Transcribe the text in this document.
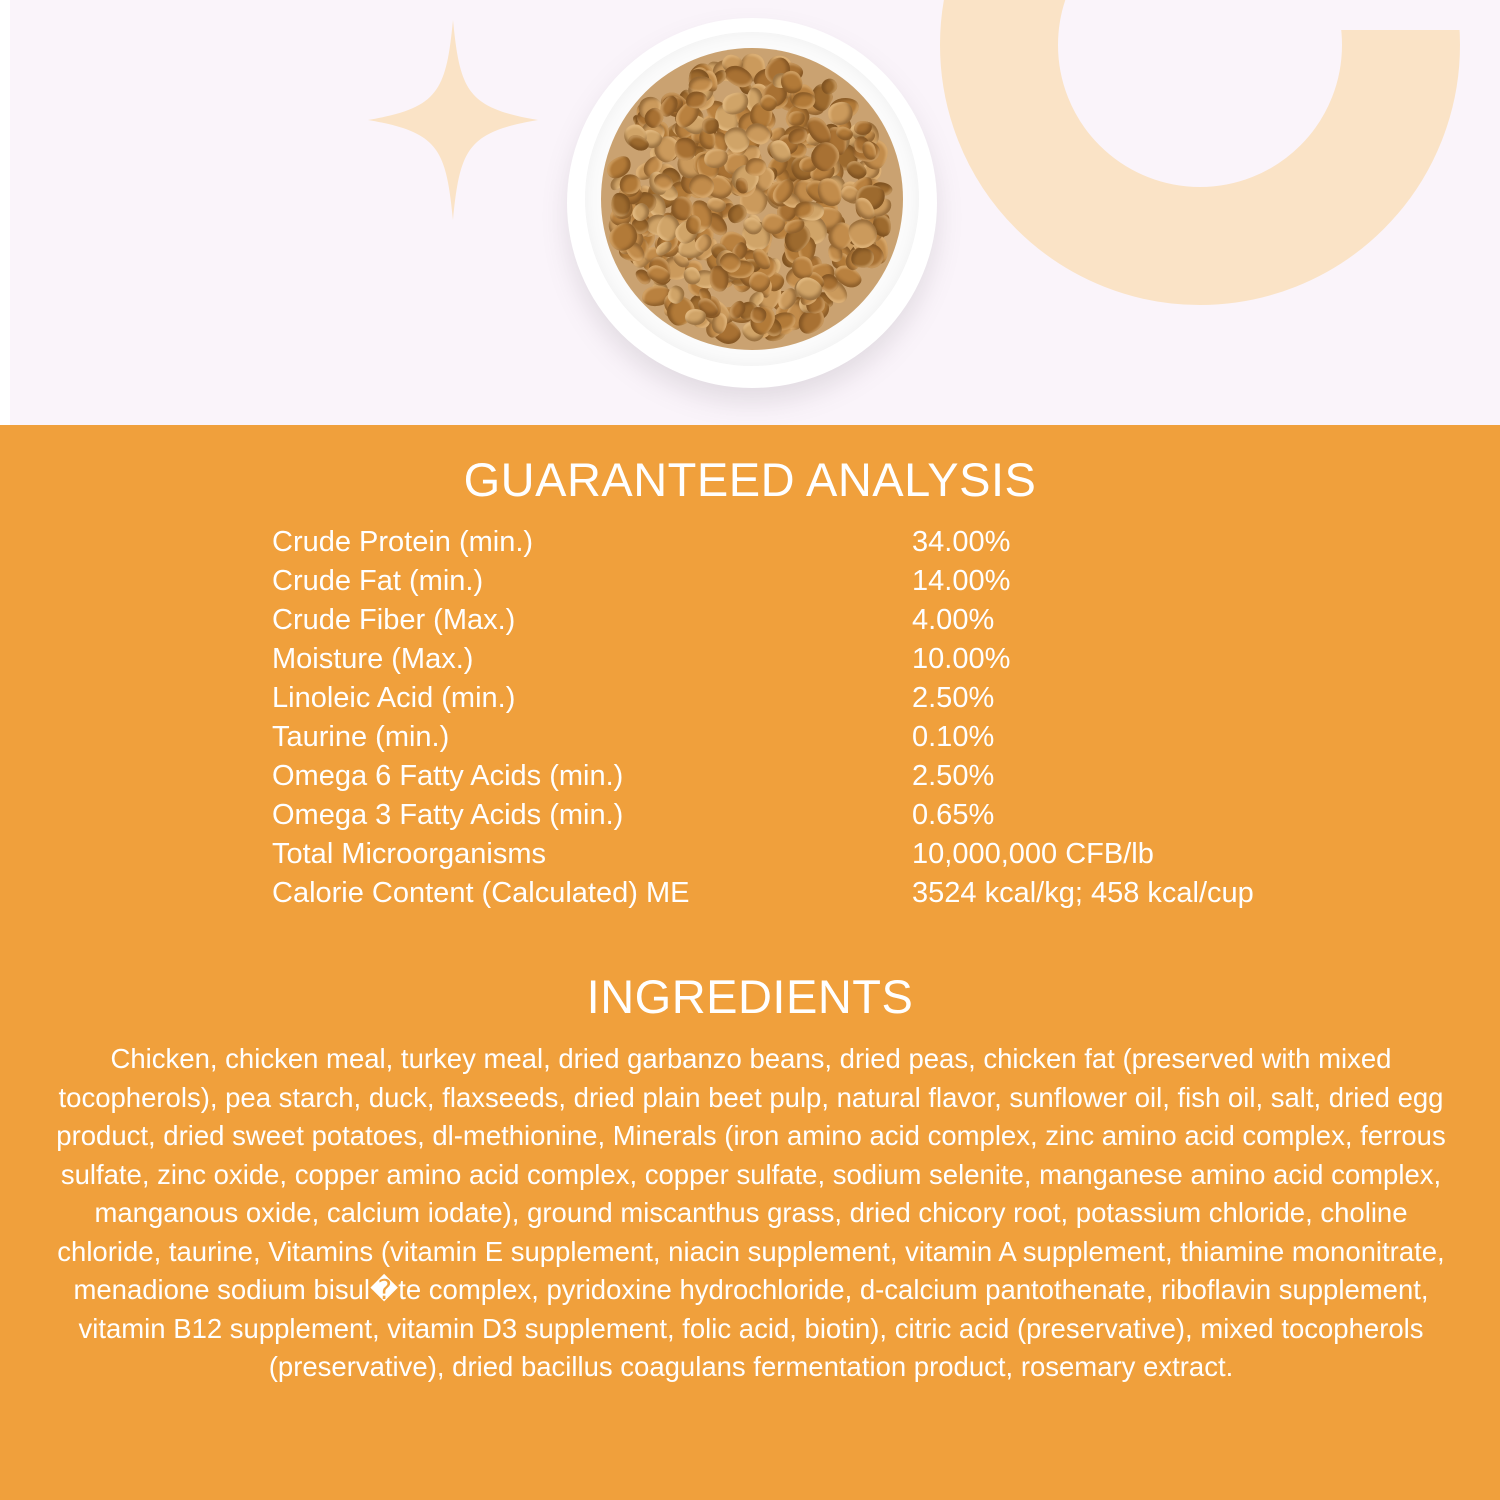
GUARANTEED ANALYSIS
Crude Protein (min.)	34.00%
Crude Fat (min.)	14.00%
Crude Fiber (Max.)	4.00%
Moisture (Max.)	10.00%
Linoleic Acid (min.)	2.50%
Taurine (min.)	0.10%
Omega 6 Fatty Acids (min.)	2.50%
Omega 3 Fatty Acids (min.)	0.65%
Total Microorganisms	10,000,000 CFB/lb
Calorie Content (Calculated) ME	3524 kcal/kg; 458 kcal/cup
INGREDIENTS
Chicken, chicken meal, turkey meal, dried garbanzo beans, dried peas, chicken fat (preserved with mixed tocopherols), pea starch, duck, flaxseeds, dried plain beet pulp, natural flavor, sunflower oil, fish oil, salt, dried egg product, dried sweet potatoes, dl-methionine, Minerals (iron amino acid complex, zinc amino acid complex, ferrous sulfate, zinc oxide, copper amino acid complex, copper sulfate, sodium selenite, manganese amino acid complex, manganous oxide, calcium iodate), ground miscanthus grass, dried chicory root, potassium chloride, choline chloride, taurine, Vitamins (vitamin E supplement, niacin supplement, vitamin A supplement, thiamine mononitrate, menadione sodium bisul�te complex, pyridoxine hydrochloride, d-calcium pantothenate, riboflavin supplement, vitamin B12 supplement, vitamin D3 supplement, folic acid, biotin), citric acid (preservative), mixed tocopherols (preservative), dried bacillus coagulans fermentation product, rosemary extract.
